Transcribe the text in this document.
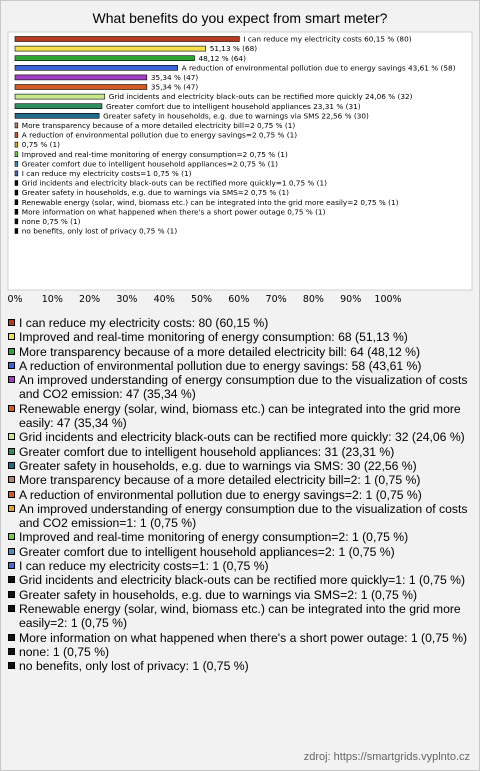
What benefits do you expect from smart meter?
I can reduce my electricity costs 60,15 % (80)
51,13 % (68)
48,12 % (64)
A reduction of environmental pollution due to energy savings 43,61 % (58)
35,34 % (47)
35,34 % (47)
Grid incidents and electricity black-outs can be rectified more quickly 24,06 % (32)
Greater comfort due to intelligent household appliances 23,31 % (31)
Greater safety in households, e.g. due to warnings via SMS 22,56 % (30)
More transparency because of a more detailed electricity bill=2 0,75 % (1)
A reduction of environmental pollution due to energy savings=2 0,75 % (1)
0,75 % (1)
Improved and real-time monitoring of energy consumption=2 0,75 % (1)
Greater comfort due to intelligent household appliances=2 0,75 % (1)
I can reduce my electricity costs=1 0,75 % (1)
Grid incidents and electricity black-outs can be rectified more quickly=1 0,75 % (1)
Greater safety in households, e.g. due to warnings via SMS=2 0,75 % (1)
Renewable energy (solar, wind, biomass etc.) can be integrated into the grid more easily=2 0,75 % (1)
More information on what happened when there's a short power outage 0,75 % (1)
none 0,75 % (1)
no benefits, only lost of privacy 0,75 % (1)
0% 10% 20% 30% 40% 50% 60% 70% 80% 90% 100%
I can reduce my electricity costs: 80 (60,15 %)
Improved and real-time monitoring of energy consumption: 68 (51,13 %)
More transparency because of a more detailed electricity bill: 64 (48,12 %)
A reduction of environmental pollution due to energy savings: 58 (43,61 %)
An improved understanding of energy consumption due to the visualization of costs and CO2 emission: 47 (35,34 %)
Renewable energy (solar, wind, biomass etc.) can be integrated into the grid more easily: 47 (35,34 %)
Grid incidents and electricity black-outs can be rectified more quickly: 32 (24,06 %)
Greater comfort due to intelligent household appliances: 31 (23,31 %)
Greater safety in households, e.g. due to warnings via SMS: 30 (22,56 %)
More transparency because of a more detailed electricity bill=2: 1 (0,75 %)
A reduction of environmental pollution due to energy savings=2: 1 (0,75 %)
An improved understanding of energy consumption due to the visualization of costs and CO2 emission=1: 1 (0,75 %)
Improved and real-time monitoring of energy consumption=2: 1 (0,75 %)
Greater comfort due to intelligent household appliances=2: 1 (0,75 %)
I can reduce my electricity costs=1: 1 (0,75 %)
Grid incidents and electricity black-outs can be rectified more quickly=1: 1 (0,75 %)
Greater safety in households, e.g. due to warnings via SMS=2: 1 (0,75 %)
Renewable energy (solar, wind, biomass etc.) can be integrated into the grid more easily=2: 1 (0,75 %)
More information on what happened when there's a short power outage: 1 (0,75 %)
none: 1 (0,75 %)
no benefits, only lost of privacy: 1 (0,75 %)
zdroj: https://smartgrids.vyplnto.cz
